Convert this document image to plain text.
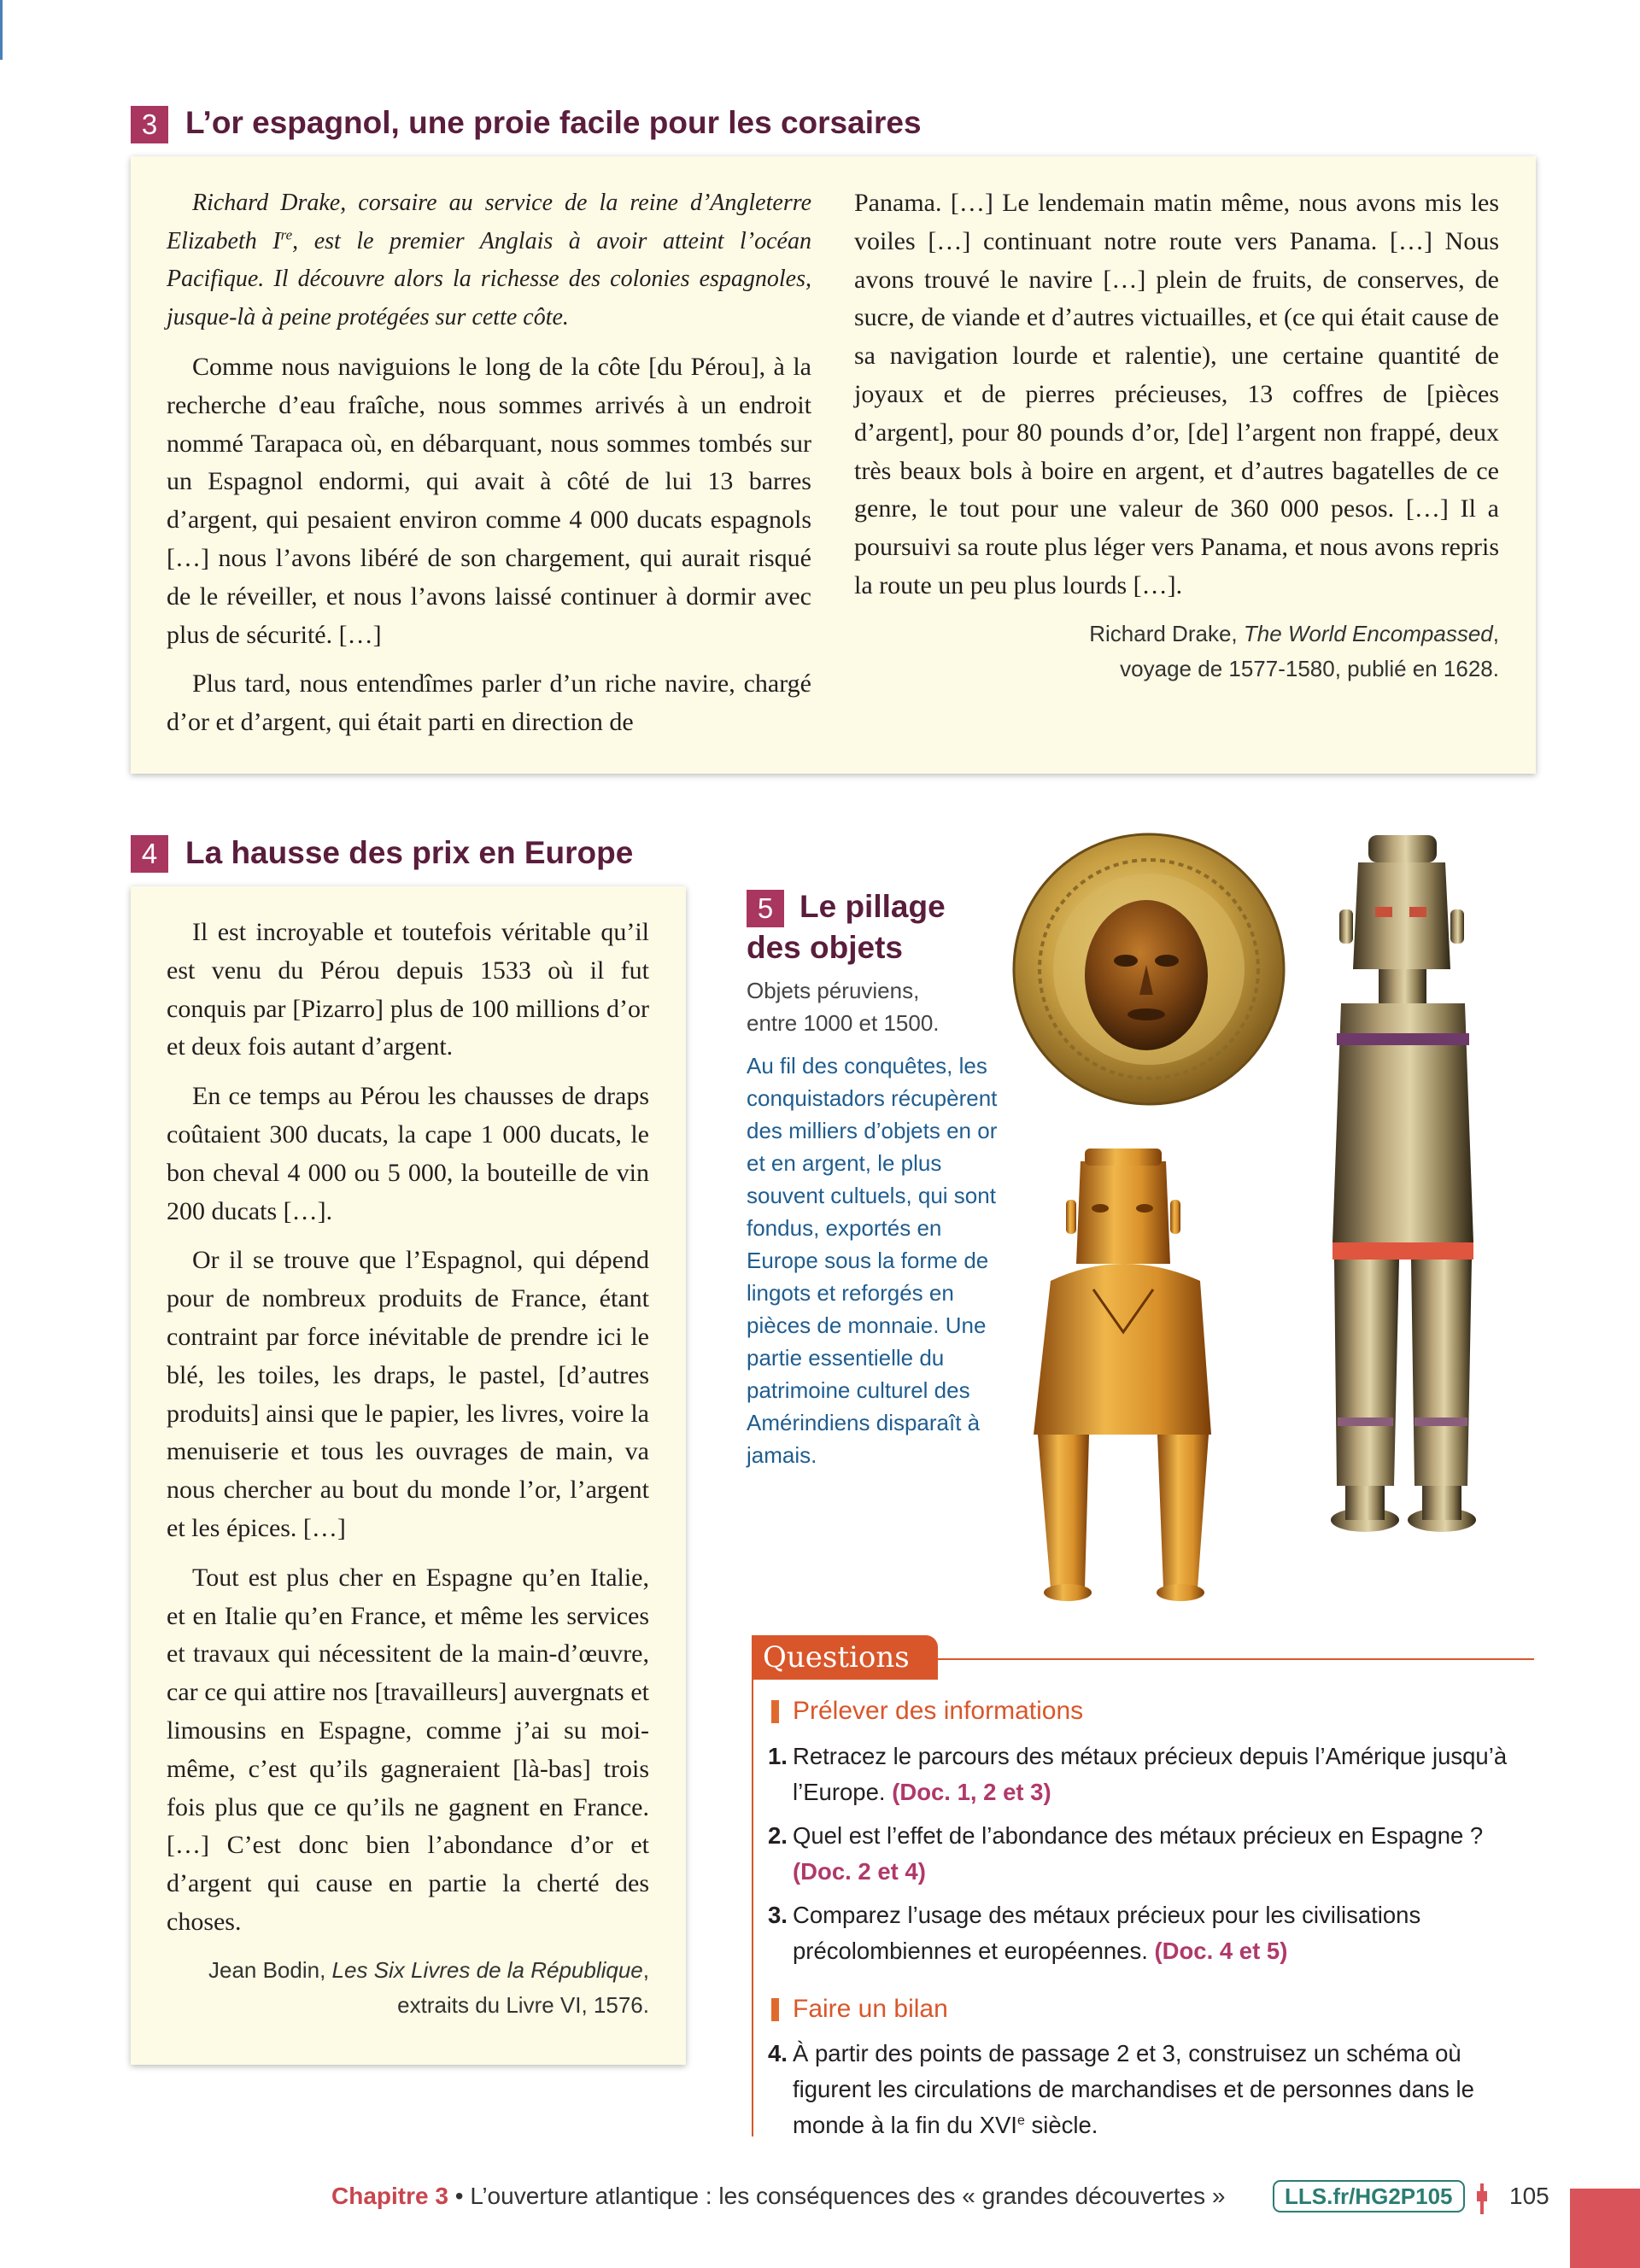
3 L’or espagnol, une proie facile pour les corsaires

Richard Drake, corsaire au service de la reine d’Angleterre Elizabeth Ire, est le premier Anglais à avoir atteint l’océan Pacifique. Il découvre alors la richesse des colonies espagnoles, jusque-là à peine protégées sur cette côte.

Comme nous naviguions le long de la côte [du Pérou], à la recherche d’eau fraîche, nous sommes arrivés à un endroit nommé Tarapaca où, en débarquant, nous sommes tombés sur un Espagnol endormi, qui avait à côté de lui 13 barres d’argent, qui pesaient environ comme 4 000 ducats espagnols […] nous l’avons libéré de son chargement, qui aurait risqué de le réveiller, et nous l’avons laissé continuer à dormir avec plus de sécurité. […]

Plus tard, nous entendîmes parler d’un riche navire, chargé d’or et d’argent, qui était parti en direction de

Panama. […] Le lendemain matin même, nous avons mis les voiles […] continuant notre route vers Panama. […] Nous avons trouvé le navire […] plein de fruits, de conserves, de sucre, de viande et d’autres victuailles, et (ce qui était cause de sa navigation lourde et ralentie), une certaine quantité de joyaux et de pierres précieuses, 13 coffres de [pièces d’argent], pour 80 pounds d’or, [de] l’argent non frappé, deux très beaux bols à boire en argent, et d’autres bagatelles de ce genre, le tout pour une valeur de 360 000 pesos. […] Il a poursuivi sa route plus léger vers Panama, et nous avons repris la route un peu plus lourds […].

Richard Drake, The World Encompassed,
voyage de 1577-1580, publié en 1628.
4 La hausse des prix en Europe

Il est incroyable et toutefois véritable qu’il est venu du Pérou depuis 1533 où il fut conquis par [Pizarro] plus de 100 millions d’or et deux fois autant d’argent.

En ce temps au Pérou les chausses de draps coûtaient 300 ducats, la cape 1 000 ducats, le bon cheval 4 000 ou 5 000, la bouteille de vin 200 ducats […].

Or il se trouve que l’Espagnol, qui dépend pour de nombreux produits de France, étant contraint par force inévitable de prendre ici le blé, les toiles, les draps, le pastel, [d’autres produits] ainsi que le papier, les livres, voire la menuiserie et tous les ouvrages de main, va nous chercher au bout du monde l’or, l’argent et les épices. […]

Tout est plus cher en Espagne qu’en Italie, et en Italie qu’en France, et même les services et travaux qui nécessitent de la main-d’œuvre, car ce qui attire nos [travailleurs] auvergnats et limousins en Espagne, comme j’ai su moi-même, c’est qu’ils gagneraient [là-bas] trois fois plus que ce qu’ils ne gagnent en France. […] C’est donc bien l’abondance d’or et d’argent qui cause en partie la cherté des choses.

Jean Bodin, Les Six Livres de la République,
extraits du Livre VI, 1576.
5 Le pillage
des objets
Objets péruviens, entre 1000 et 1500.
Au fil des conquêtes, les conquistadors récupèrent des milliers d’objets en or et en argent, le plus souvent cultuels, qui sont fondus, exportés en Europe sous la forme de lingots et reforgés en pièces de monnaie. Une partie essentielle du patrimoine culturel des Amérindiens disparaît à jamais.
Questions
Prélever des informations
1. Retracez le parcours des métaux précieux depuis l’Amérique jusqu’à l’Europe. (Doc. 1, 2 et 3)
2. Quel est l’effet de l’abondance des métaux précieux en Espagne ?
(Doc. 2 et 4)
3. Comparez l’usage des métaux précieux pour les civilisations précolombiennes et européennes. (Doc. 4 et 5)
Faire un bilan
4. À partir des points de passage 2 et 3, construisez un schéma où figurent les circulations de marchandises et de personnes dans le monde à la fin du XVIe siècle.
Chapitre 3 • L’ouverture atlantique : les conséquences des « grandes découvertes »	LLS.fr/HG2P105	105
